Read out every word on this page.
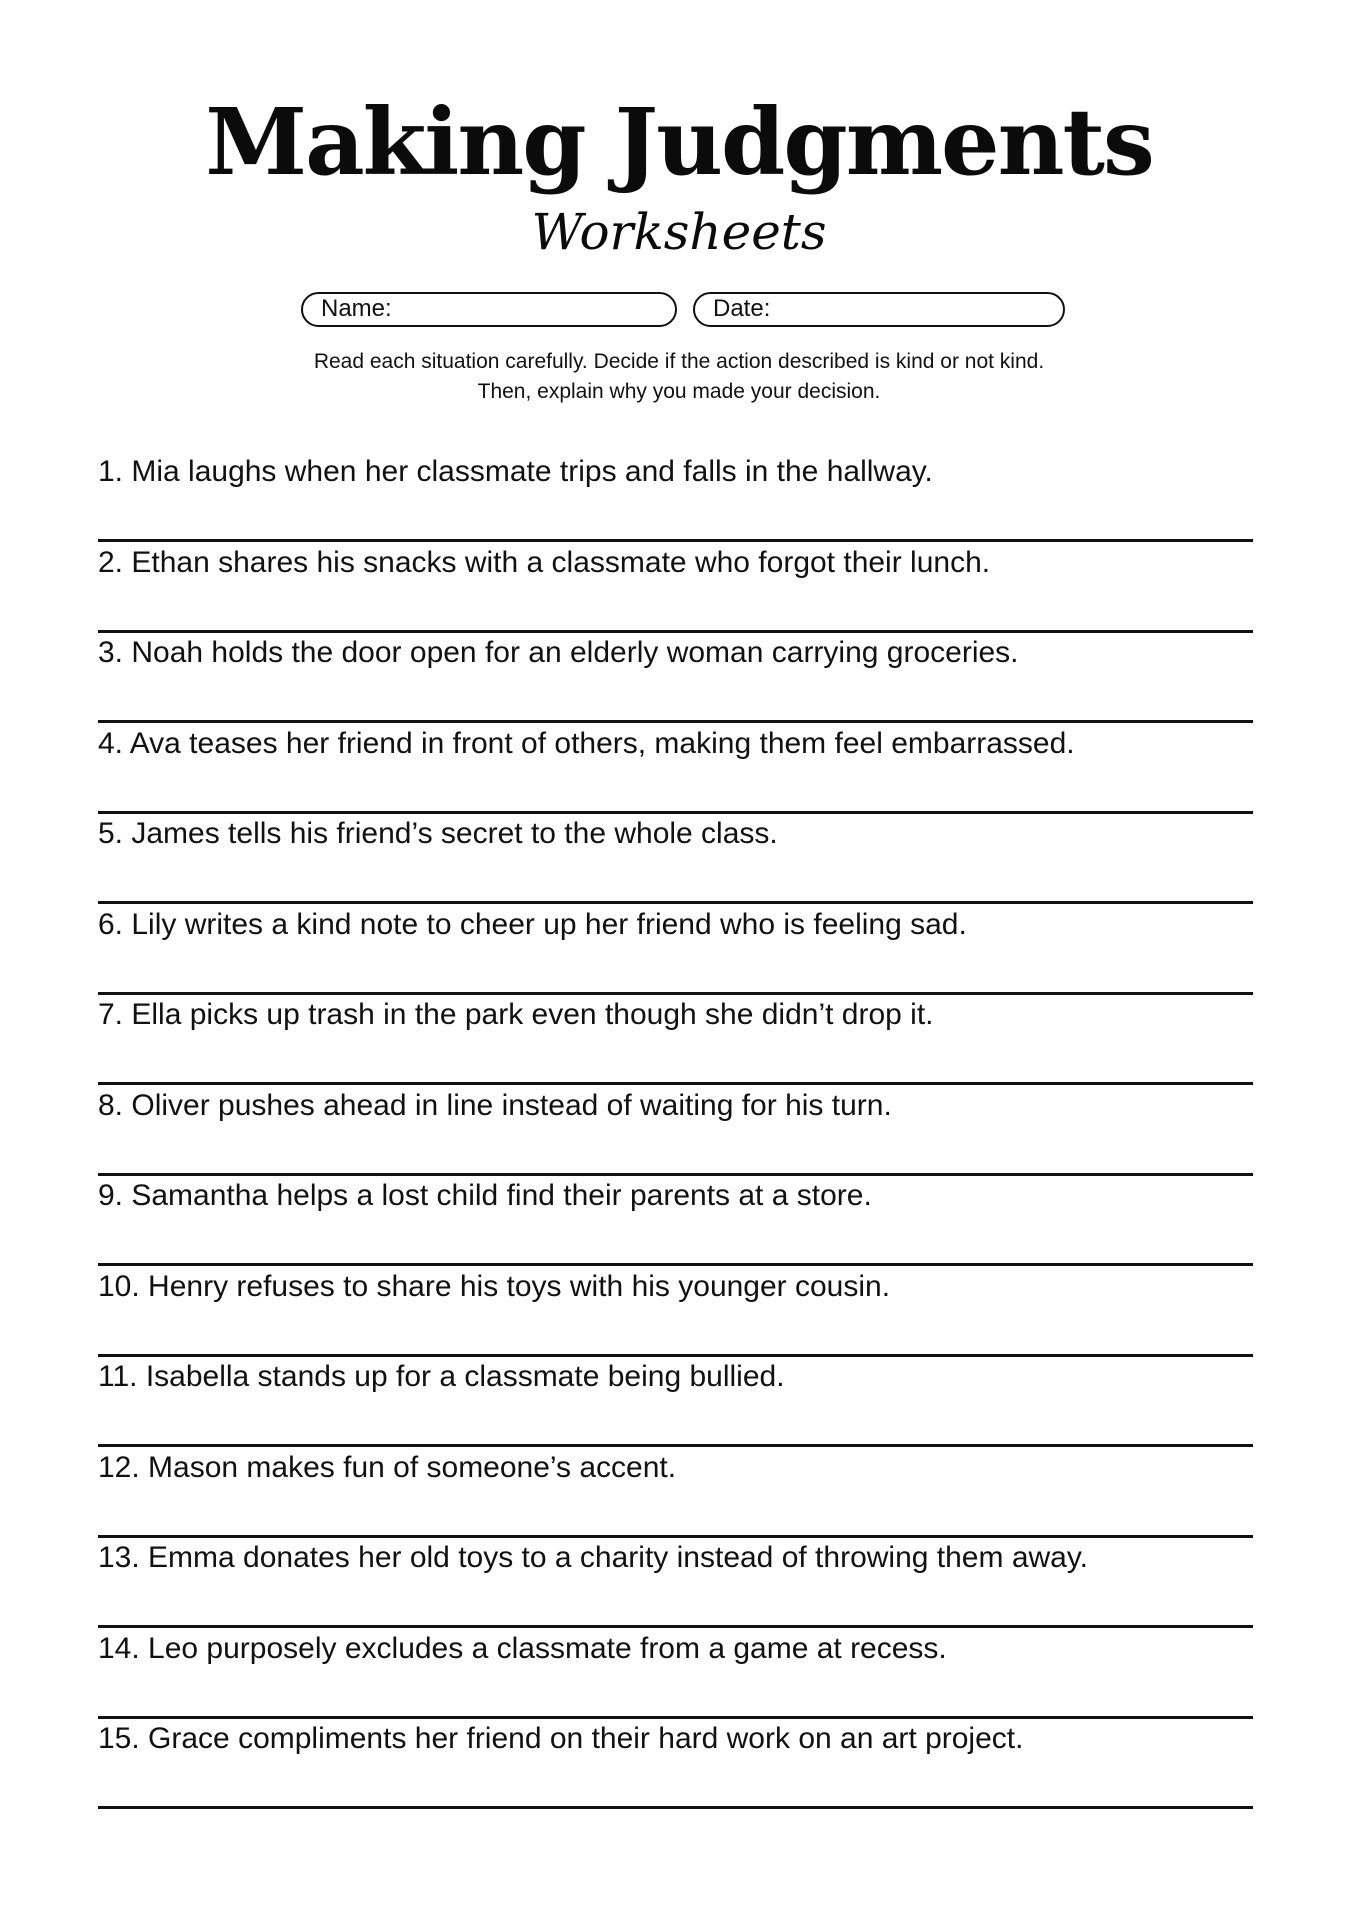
Making Judgments
Worksheets
Name:	Date:
Read each situation carefully. Decide if the action described is kind or not kind.
Then, explain why you made your decision.
1. Mia laughs when her classmate trips and falls in the hallway.
2. Ethan shares his snacks with a classmate who forgot their lunch.
3. Noah holds the door open for an elderly woman carrying groceries.
4. Ava teases her friend in front of others, making them feel embarrassed.
5. James tells his friend’s secret to the whole class.
6. Lily writes a kind note to cheer up her friend who is feeling sad.
7. Ella picks up trash in the park even though she didn’t drop it.
8. Oliver pushes ahead in line instead of waiting for his turn.
9. Samantha helps a lost child find their parents at a store.
10. Henry refuses to share his toys with his younger cousin.
11. Isabella stands up for a classmate being bullied.
12. Mason makes fun of someone’s accent.
13. Emma donates her old toys to a charity instead of throwing them away.
14. Leo purposely excludes a classmate from a game at recess.
15. Grace compliments her friend on their hard work on an art project.
